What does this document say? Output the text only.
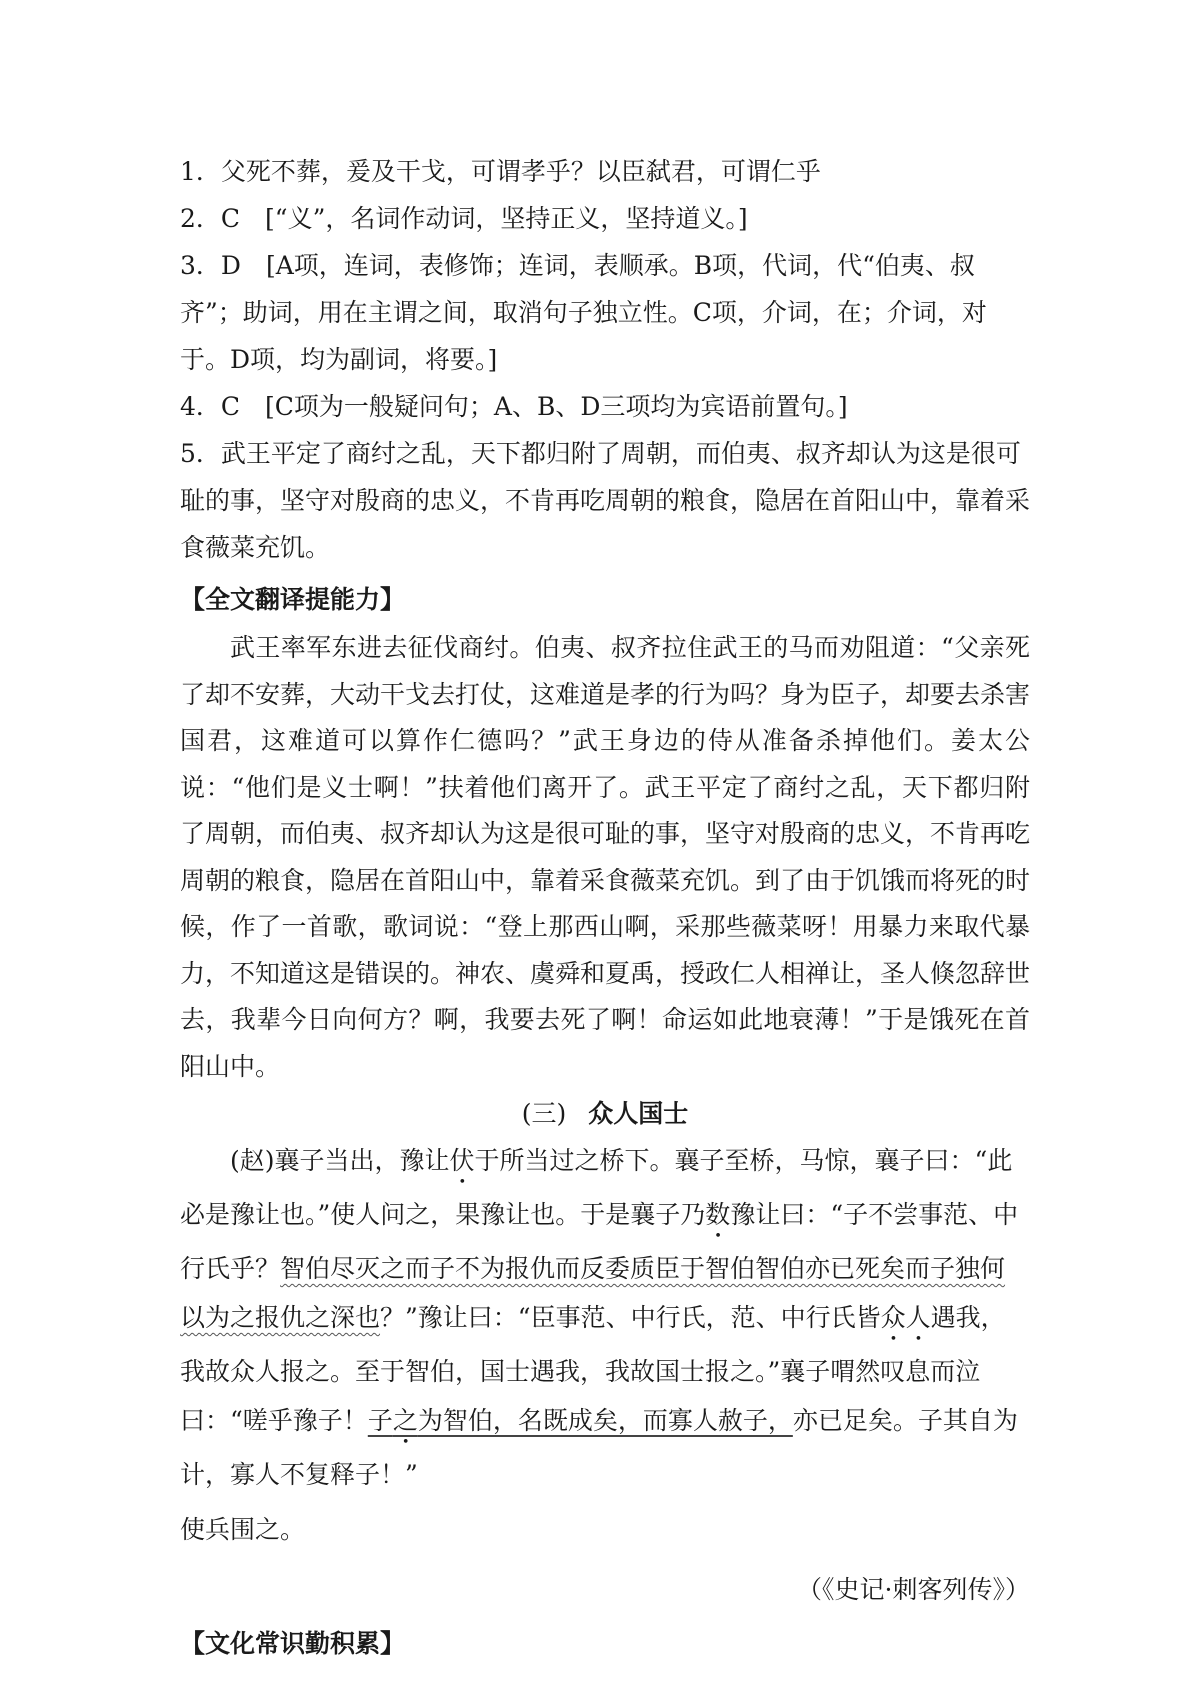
1．父死不葬，爰及干戈，可谓孝乎？以臣弑君，可谓仁乎

2．C　[“义”，名词作动词，坚持正义，坚持道义。]

3．D　[A项，连词，表修饰；连词，表顺承。B项，代词，代“伯夷、叔齐”；助词，用在主谓之间，取消句子独立性。C项，介词，在；介词，对于。D项，均为副词，将要。]

4．C　[C项为一般疑问句；A、B、D三项均为宾语前置句。]

5．武王平定了商纣之乱，天下都归附了周朝，而伯夷、叔齐却认为这是很可耻的事，坚守对殷商的忠义，不肯再吃周朝的粮食，隐居在首阳山中，靠着采食薇菜充饥。

【全文翻译提能力】

武王率军东进去征伐商纣。伯夷、叔齐拉住武王的马而劝阻道：“父亲死了却不安葬，大动干戈去打仗，这难道是孝的行为吗？身为臣子，却要去杀害国君，这难道可以算作仁德吗？”武王身边的侍从准备杀掉他们。姜太公说：“他们是义士啊！”扶着他们离开了。武王平定了商纣之乱，天下都归附了周朝，而伯夷、叔齐却认为这是很可耻的事，坚守对殷商的忠义，不肯再吃周朝的粮食，隐居在首阳山中，靠着采食薇菜充饥。到了由于饥饿而将死的时候，作了一首歌，歌词说：“登上那西山啊，采那些薇菜呀！用暴力来取代暴力，不知道这是错误的。神农、虞舜和夏禹，授政仁人相禅让，圣人倏忽辞世去，我辈今日向何方？啊，我要去死了啊！命运如此地衰薄！”于是饿死在首阳山中。

(三) 众人国士

(赵)襄子当出，豫让伏于所当过之桥下。襄子至桥，马惊，襄子曰：“此必是豫让也。”使人问之，果豫让也。于是襄子乃数豫让曰：“子不尝事范、中行氏乎？智伯尽灭之而子不为报仇而反委质臣于智伯智伯亦已死矣而子独何以为之报仇之深也？”豫让曰：“臣事范、中行氏，范、中行氏皆众人遇我，我故众人报之。至于智伯，国士遇我，我故国士报之。”襄子喟然叹息而泣曰：“嗟乎豫子！子之为智伯，名既成矣，而寡人赦子，亦已足矣。子其自为计，寡人不复释子！”

使兵围之。

（《史记·刺客列传》）

【文化常识勤积累】
